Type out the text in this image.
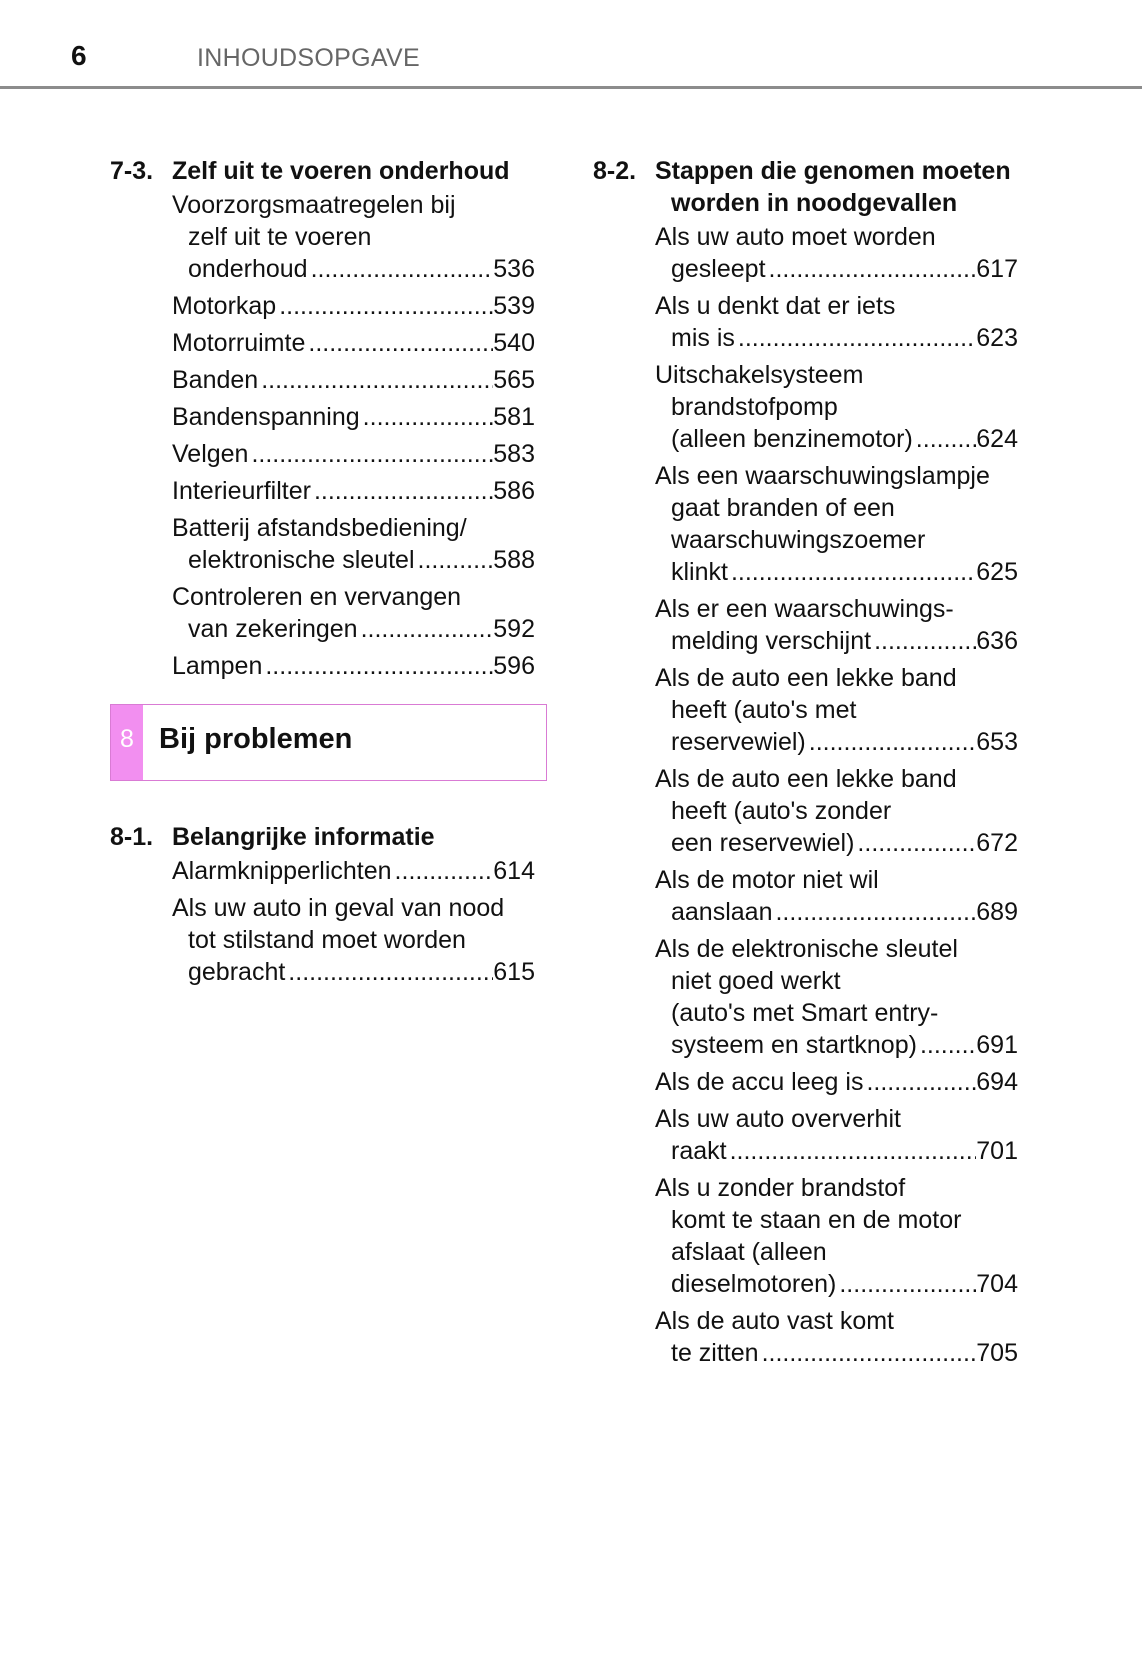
6	INHOUDSOPGAVE
7-3. Zelf uit te voeren onderhoud
Voorzorgsmaatregelen bij
zelf uit te voeren
onderhoud .....	536
Motorkap .....	539
Motorruimte .....	540
Banden .....	565
Bandenspanning .....	581
Velgen .....	583
Interieurfilter .....	586
Batterij afstandsbediening/
elektronische sleutel .....	588
Controleren en vervangen
van zekeringen .....	592
Lampen .....	596
8 Bij problemen
8-1. Belangrijke informatie
Alarmknipperlichten .....	614
Als uw auto in geval van nood
tot stilstand moet worden
gebracht .....	615
8-2. Stappen die genomen moeten
worden in noodgevallen
Als uw auto moet worden
gesleept .....	617
Als u denkt dat er iets
mis is .....	623
Uitschakelsysteem
brandstofpomp
(alleen benzinemotor) .....	624
Als een waarschuwingslampje
gaat branden of een
waarschuwingszoemer
klinkt .....	625
Als er een waarschuwings-
melding verschijnt .....	636
Als de auto een lekke band
heeft (auto's met
reservewiel) .....	653
Als de auto een lekke band
heeft (auto's zonder
een reservewiel) .....	672
Als de motor niet wil
aanslaan .....	689
Als de elektronische sleutel
niet goed werkt
(auto's met Smart entry-
systeem en startknop) ..... 691
Als de accu leeg is .....	694
Als uw auto oververhit
raakt .....	701
Als u zonder brandstof
komt te staan en de motor
afslaat (alleen
dieselmotoren) .....	704
Als de auto vast komt
te zitten .....	705
